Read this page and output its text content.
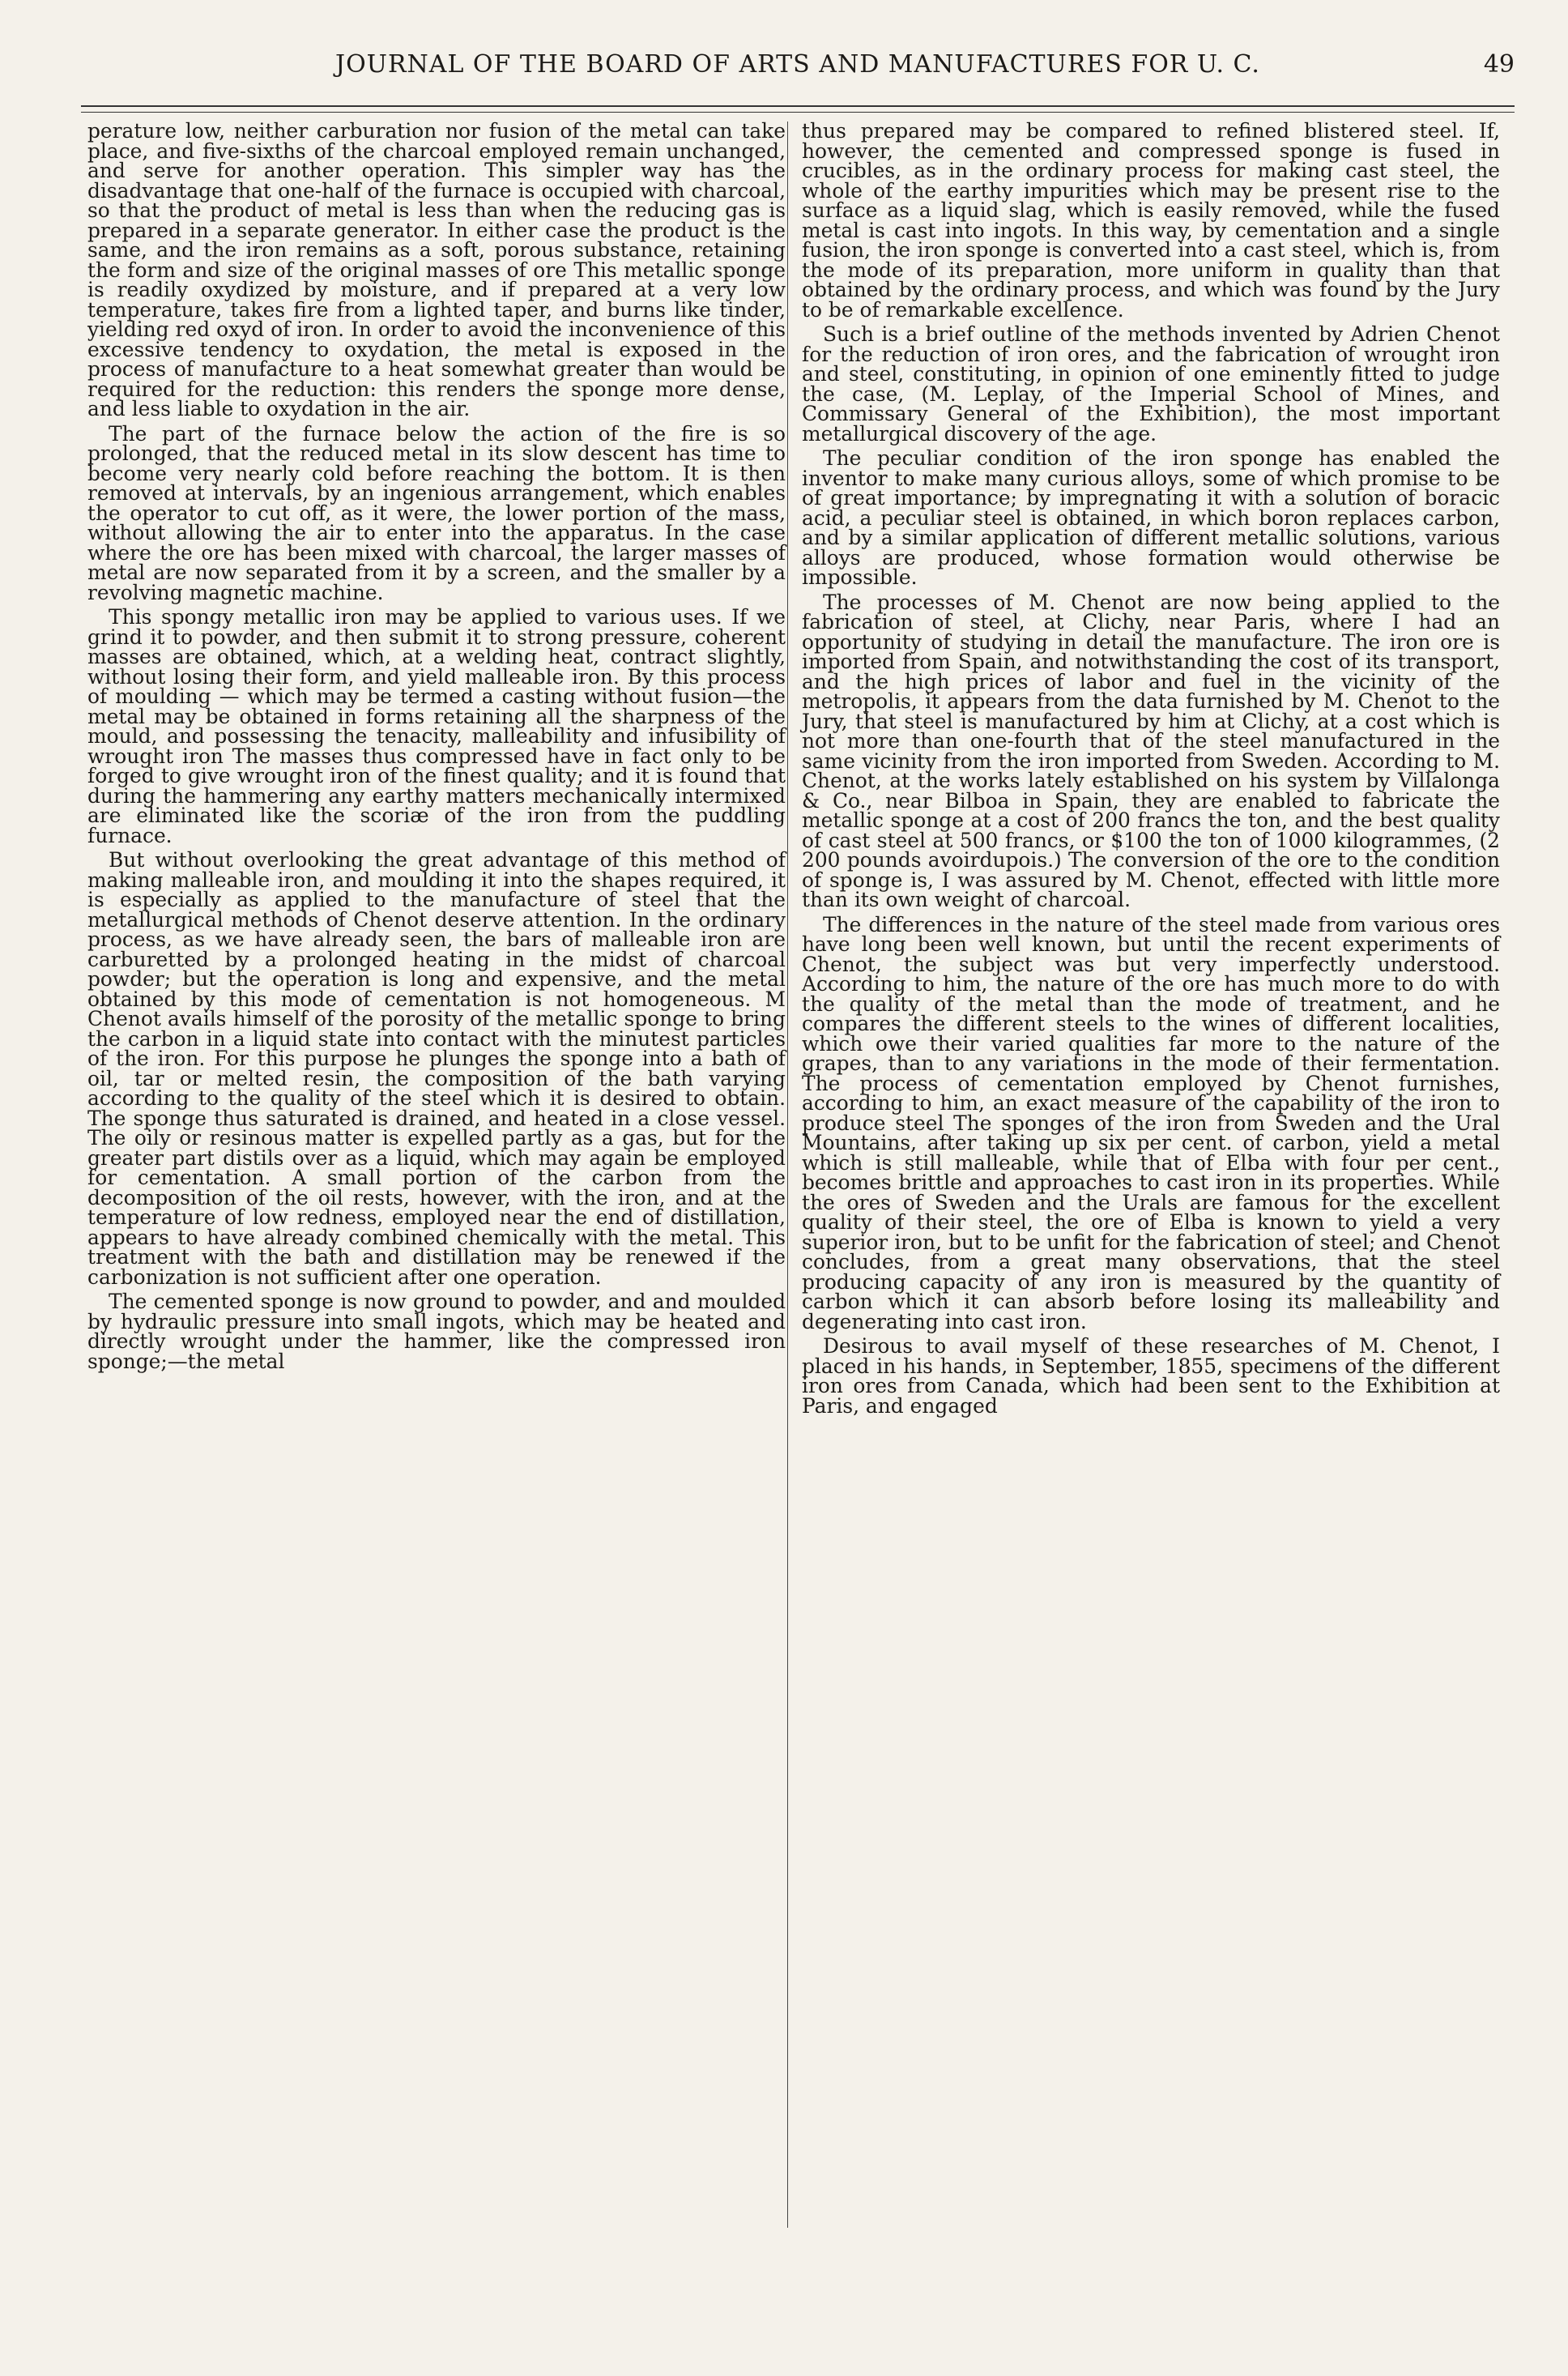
JOURNAL OF THE BOARD OF ARTS AND MANUFACTURES FOR U. C.	49

perature low, neither carburation nor fusion of the metal can take place, and five-sixths of the charcoal employed remain unchanged, and serve for another operation. This simpler way has the disadvantage that one-half of the furnace is occupied with charcoal, so that the product of metal is less than when the reducing gas is prepared in a separate generator. In either case the product is the same, and the iron remains as a soft, porous substance, retaining the form and size of the original masses of ore This metallic sponge is readily oxydized by moisture, and if prepared at a very low temperature, takes fire from a lighted taper, and burns like tinder, yielding red oxyd of iron. In order to avoid the inconvenience of this excessive tendency to oxydation, the metal is exposed in the process of manufacture to a heat somewhat greater than would be required for the reduction: this renders the sponge more dense, and less liable to oxydation in the air.

The part of the furnace below the action of the fire is so prolonged, that the reduced metal in its slow descent has time to become very nearly cold before reaching the bottom. It is then removed at intervals, by an ingenious arrangement, which enables the operator to cut off, as it were, the lower portion of the mass, without allowing the air to enter into the apparatus. In the case where the ore has been mixed with charcoal, the larger masses of metal are now separated from it by a screen, and the smaller by a revolving magnetic machine.

This spongy metallic iron may be applied to various uses. If we grind it to powder, and then submit it to strong pressure, coherent masses are obtained, which, at a welding heat, contract slightly, without losing their form, and yield malleable iron. By this process of moulding — which may be termed a casting without fusion—the metal may be obtained in forms retaining all the sharpness of the mould, and possessing the tenacity, malleability and infusibility of wrought iron The masses thus compressed have in fact only to be forged to give wrought iron of the finest quality; and it is found that during the hammering any earthy matters mechanically intermixed are eliminated like the scoriæ of the iron from the puddling furnace.

But without overlooking the great advantage of this method of making malleable iron, and moulding it into the shapes required, it is especially as applied to the manufacture of steel that the metallurgical methods of Chenot deserve attention. In the ordinary process, as we have already seen, the bars of malleable iron are carburetted by a prolonged heating in the midst of charcoal powder; but the operation is long and expensive, and the metal obtained by this mode of cementation is not homogeneous. M Chenot avails himself of the porosity of the metallic sponge to bring the carbon in a liquid state into contact with the minutest particles of the iron. For this purpose he plunges the sponge into a bath of oil, tar or melted resin, the composition of the bath varying according to the quality of the steel which it is desired to obtain. The sponge thus saturated is drained, and heated in a close vessel. The oily or resinous matter is expelled partly as a gas, but for the greater part distils over as a liquid, which may again be employed for cementation. A small portion of the carbon from the decomposition of the oil rests, however, with the iron, and at the temperature of low redness, employed near the end of distillation, appears to have already combined chemically with the metal. This treatment with the bath and distillation may be renewed if the carbonization is not sufficient after one operation.

The cemented sponge is now ground to powder, and and moulded by hydraulic pressure into small ingots, which may be heated and directly wrought under the hammer, like the compressed iron sponge;—the metal

thus prepared may be compared to refined blistered steel. If, however, the cemented and compressed sponge is fused in crucibles, as in the ordinary process for making cast steel, the whole of the earthy impurities which may be present rise to the surface as a liquid slag, which is easily removed, while the fused metal is cast into ingots. In this way, by cementation and a single fusion, the iron sponge is converted into a cast steel, which is, from the mode of its preparation, more uniform in quality than that obtained by the ordinary process, and which was found by the Jury to be of remarkable excellence.

Such is a brief outline of the methods invented by Adrien Chenot for the reduction of iron ores, and the fabrication of wrought iron and steel, constituting, in opinion of one eminently fitted to judge the case, (M. Leplay, of the Imperial School of Mines, and Commissary General of the Exhibition), the most important metallurgical discovery of the age.

The peculiar condition of the iron sponge has enabled the inventor to make many curious alloys, some of which promise to be of great importance; by impregnating it with a solution of boracic acid, a peculiar steel is obtained, in which boron replaces carbon, and by a similar application of different metallic solutions, various alloys are produced, whose formation would otherwise be impossible.

The processes of M. Chenot are now being applied to the fabrication of steel, at Clichy, near Paris, where I had an opportunity of studying in detail the manufacture. The iron ore is imported from Spain, and notwithstanding the cost of its transport, and the high prices of labor and fuel in the vicinity of the metropolis, it appears from the data furnished by M. Chenot to the Jury, that steel is manufactured by him at Clichy, at a cost which is not more than one-fourth that of the steel manufactured in the same vicinity from the iron imported from Sweden. According to M. Chenot, at the works lately established on his system by Villalonga & Co., near Bilboa in Spain, they are enabled to fabricate the metallic sponge at a cost of 200 francs the ton, and the best quality of cast steel at 500 francs, or $100 the ton of 1000 kilogrammes, (2 200 pounds avoirdupois.) The conversion of the ore to the condition of sponge is, I was assured by M. Chenot, effected with little more than its own weight of charcoal.

The differences in the nature of the steel made from various ores have long been well known, but until the recent experiments of Chenot, the subject was but very imperfectly understood. According to him, the nature of the ore has much more to do with the quality of the metal than the mode of treatment, and he compares the different steels to the wines of different localities, which owe their varied qualities far more to the nature of the grapes, than to any variations in the mode of their fermentation. The process of cementation employed by Chenot furnishes, according to him, an exact measure of the capability of the iron to produce steel The sponges of the iron from Sweden and the Ural Mountains, after taking up six per cent. of carbon, yield a metal which is still malleable, while that of Elba with four per cent., becomes brittle and approaches to cast iron in its properties. While the ores of Sweden and the Urals are famous for the excellent quality of their steel, the ore of Elba is known to yield a very superior iron, but to be unfit for the fabrication of steel; and Chenot concludes, from a great many observations, that the steel producing capacity of any iron is measured by the quantity of carbon which it can absorb before losing its malleability and degenerating into cast iron.

Desirous to avail myself of these researches of M. Chenot, I placed in his hands, in September, 1855, specimens of the different iron ores from Canada, which had been sent to the Exhibition at Paris, and engaged
